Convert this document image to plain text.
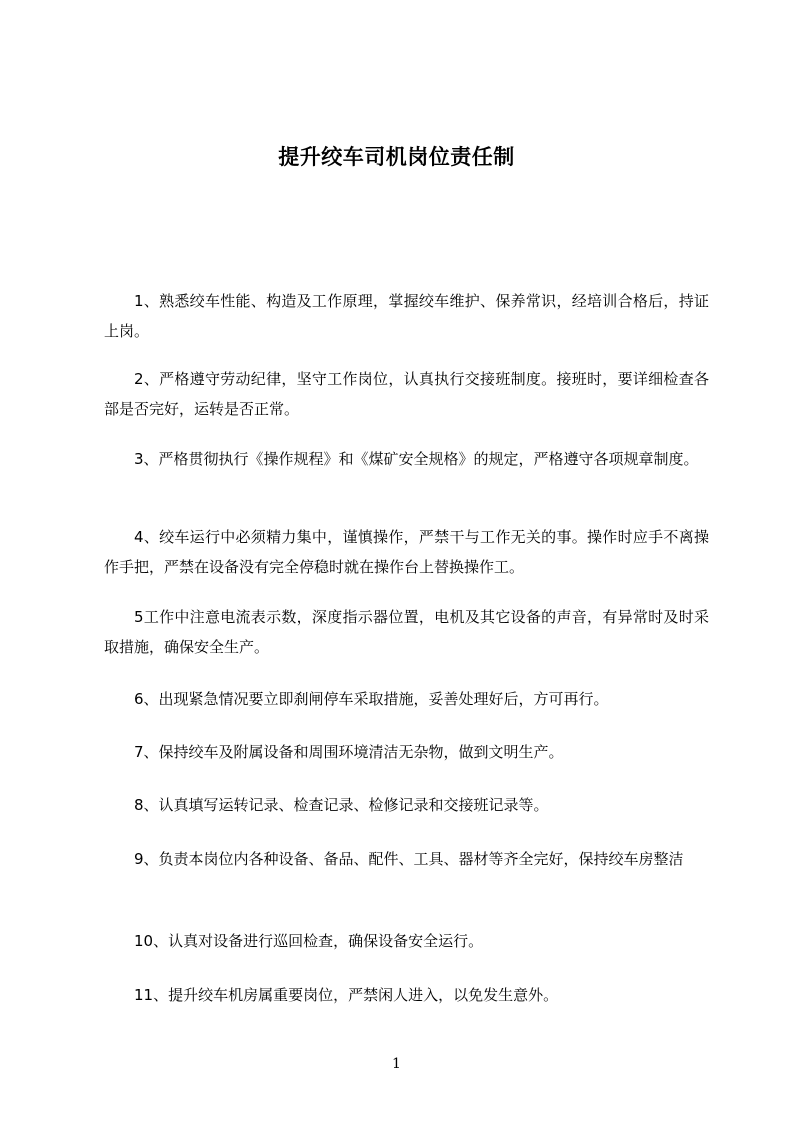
提升绞车司机岗位责任制

1、熟悉绞车性能、构造及工作原理，掌握绞车维护、保养常识，经培训合格后，持证上岗。

2、严格遵守劳动纪律，坚守工作岗位，认真执行交接班制度。接班时，要详细检查各部是否完好，运转是否正常。

3、严格贯彻执行《操作规程》和《煤矿安全规格》的规定，严格遵守各项规章制度。

4、绞车运行中必须精力集中，谨慎操作，严禁干与工作无关的事。操作时应手不离操作手把，严禁在设备没有完全停稳时就在操作台上替换操作工。

5工作中注意电流表示数，深度指示器位置，电机及其它设备的声音，有异常时及时采取措施，确保安全生产。

6、出现紧急情况要立即刹闸停车采取措施，妥善处理好后，方可再行。

7、保持绞车及附属设备和周围环境清洁无杂物，做到文明生产。

8、认真填写运转记录、检查记录、检修记录和交接班记录等。

9、负责本岗位内各种设备、备品、配件、工具、器材等齐全完好，保持绞车房整洁

10、认真对设备进行巡回检查，确保设备安全运行。

11、提升绞车机房属重要岗位，严禁闲人进入，以免发生意外。

1
